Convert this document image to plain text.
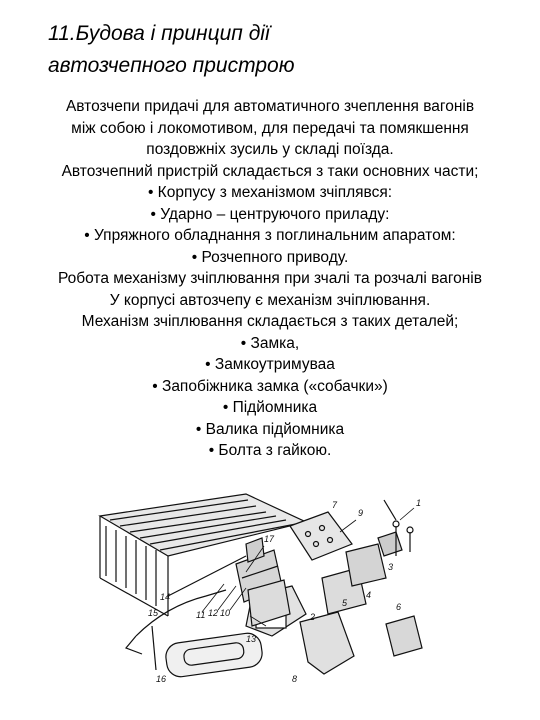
11.Будова і принцип дії
автозчепного пристрою
Автозчепи придачі для автоматичного зчеплення вагонів
між собою і локомотивом, для передачі та помякшення
поздовжніх зусиль у складі поїзда.
Автозчепний пристрій складається з таки основних части;
• Корпусу з механізмом зчіплявся:
• Ударно – центруючого приладу:
• Упряжного обладнання з поглинальним апаратом:
• Розчепного приводу.
Робота механізму зчіплювання при зчалі та розчалі вагонів
У корпусі автозчепу є механізм зчіплювання.
Механізм зчіплювання складається з таких деталей;
• Замка,
• Замкоутримуваа
• Запобіжника замка («собачки»)
• Підйомника
• Валика підйомника
• Болта з гайкою.
17
11 12 10
14
15
16
7
9
1
3
2
5
4
6
8
13
